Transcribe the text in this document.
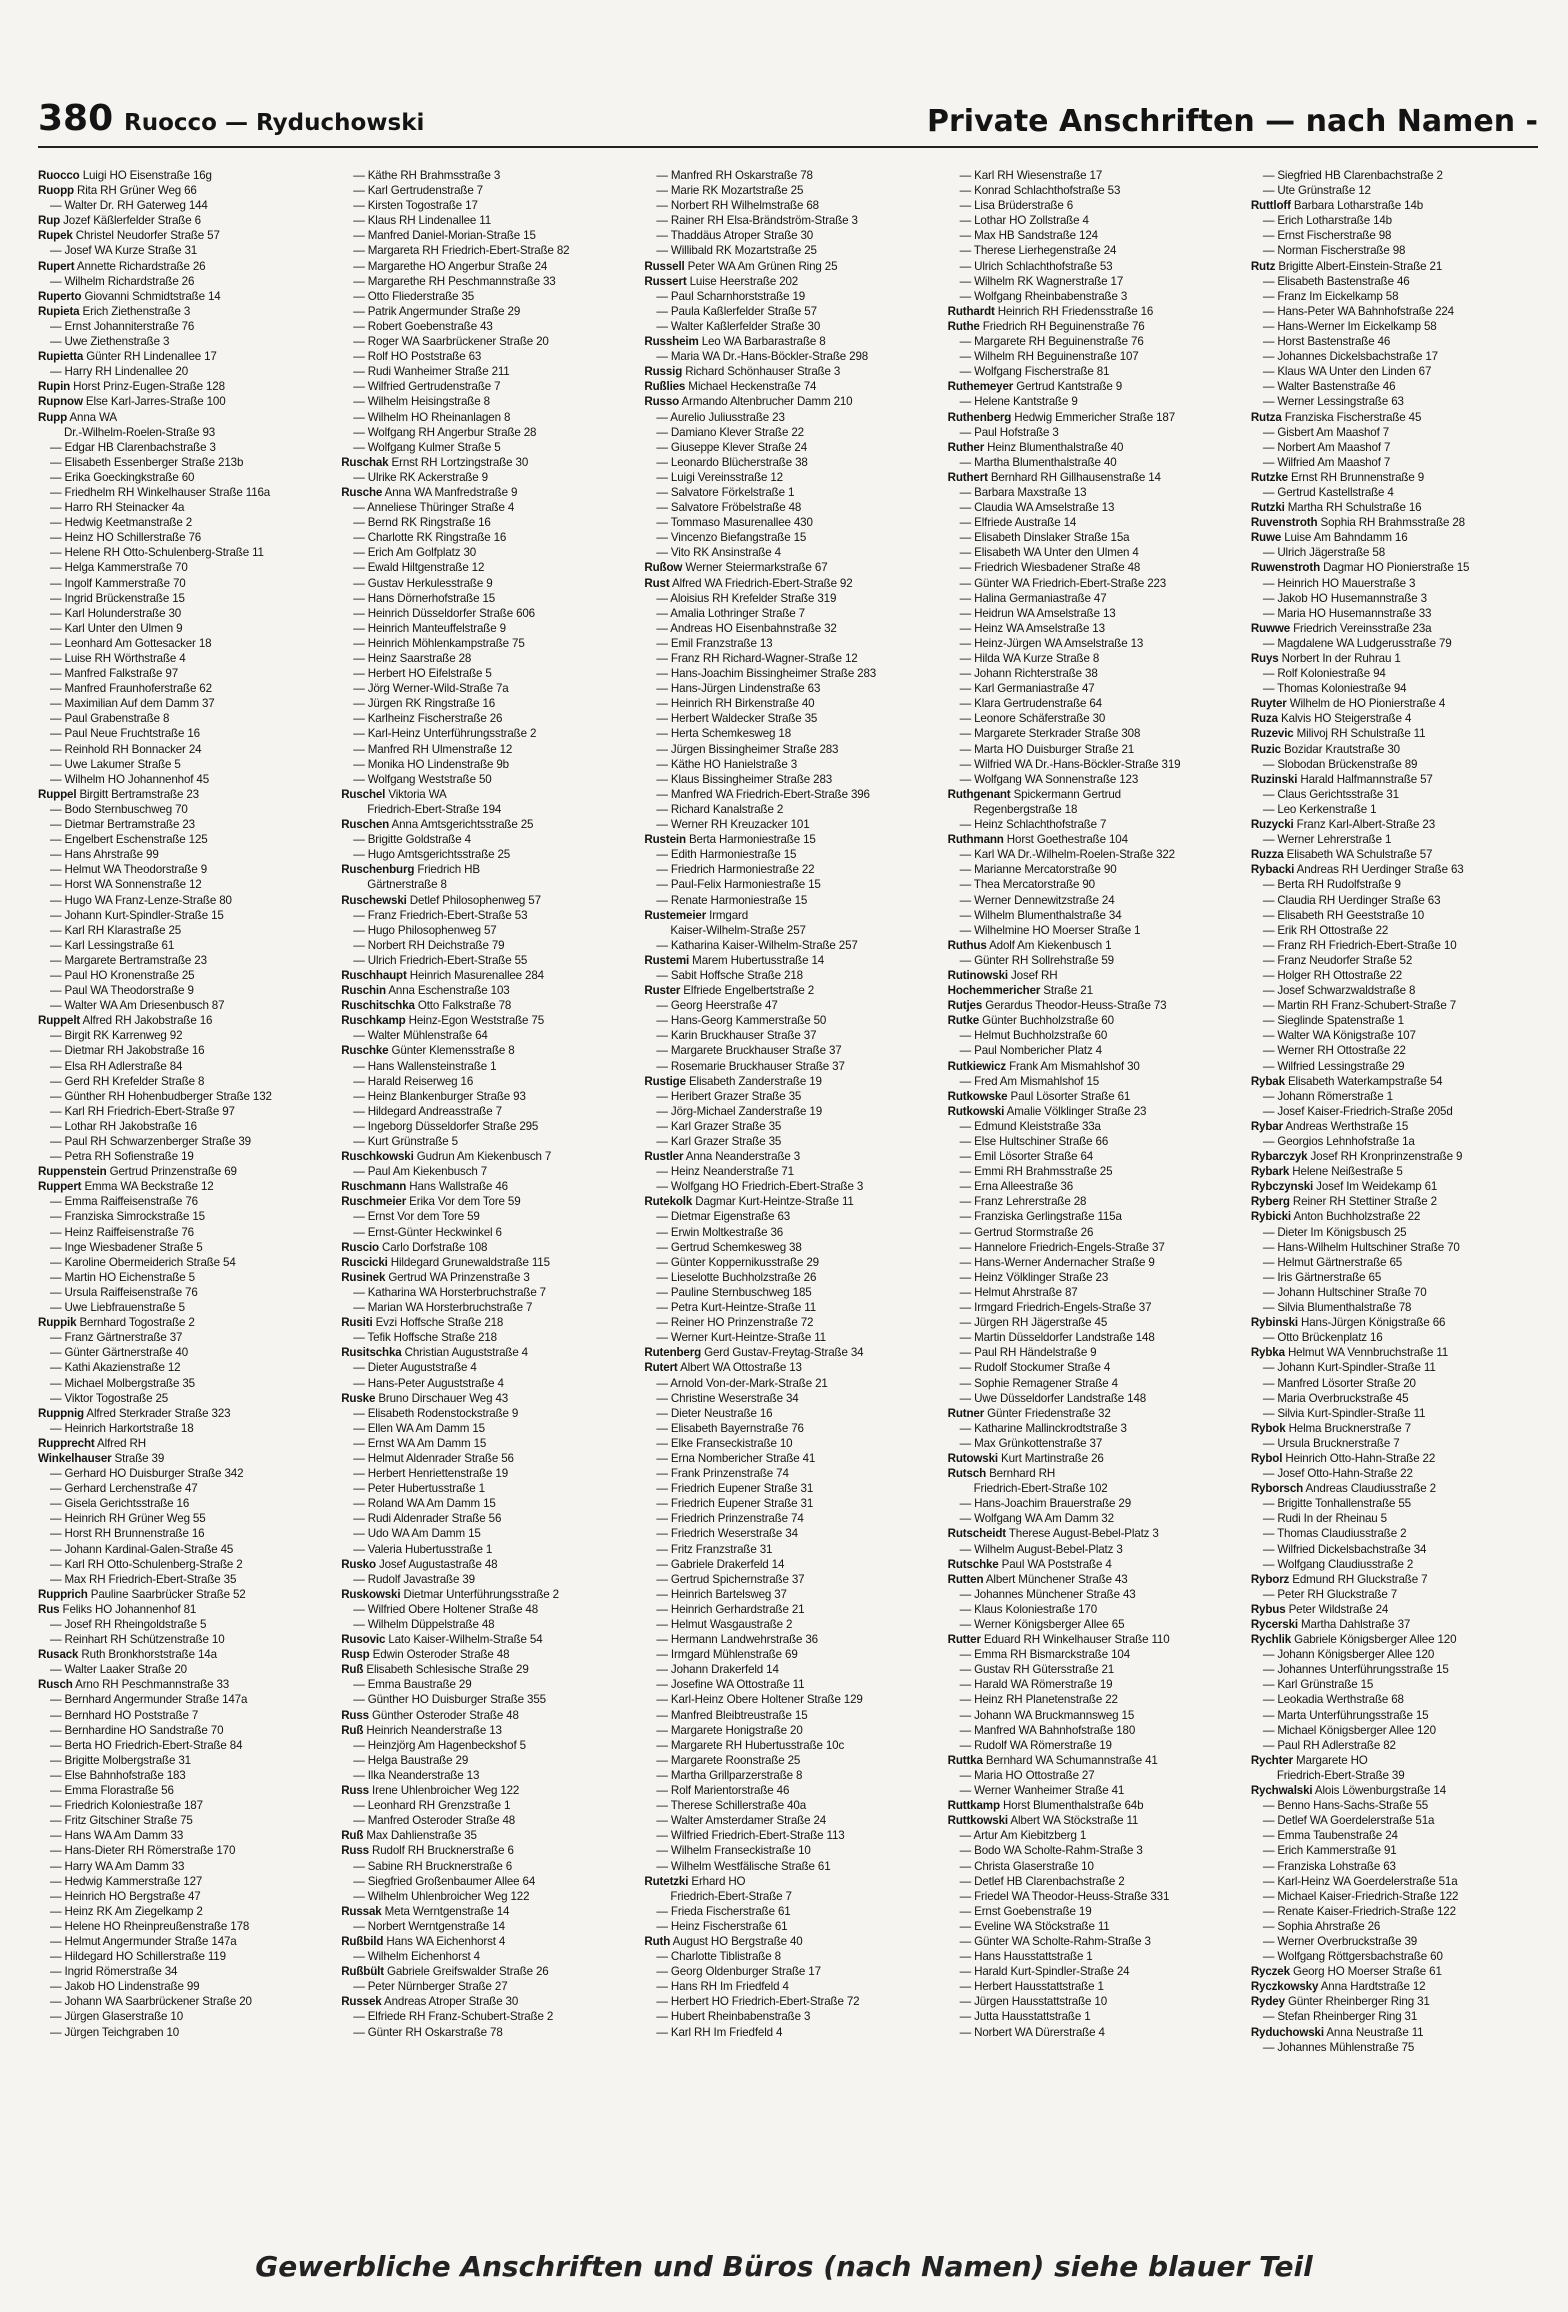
380 Ruocco — Ryduchowski	Private Anschriften — nach Namen -
Ruocco Luigi HO Eisenstraße 16g
Ruopp Rita RH Grüner Weg 66
— Walter Dr. RH Gaterweg 144
Rup Jozef Käßlerfelder Straße 6
Rupek Christel Neudorfer Straße 57
— Josef WA Kurze Straße 31
Rupert Annette Richardstraße 26
— Wilhelm Richardstraße 26
Ruperto Giovanni Schmidtstraße 14
Rupieta Erich Ziethenstraße 3
— Ernst Johanniterstraße 76
— Uwe Ziethenstraße 3
Rupietta Günter RH Lindenallee 17
— Harry RH Lindenallee 20
Rupin Horst Prinz-Eugen-Straße 128
Rupnow Else Karl-Jarres-Straße 100
Rupp Anna WA
Dr.-Wilhelm-Roelen-Straße 93
— Edgar HB Clarenbachstraße 3
— Elisabeth Essenberger Straße 213b
— Erika Goeckingkstraße 60
— Friedhelm RH Winkelhauser Straße 116a
— Harro RH Steinacker 4a
— Hedwig Keetmanstraße 2
— Heinz HO Schillerstraße 76
— Helene RH Otto-Schulenberg-Straße 11
— Helga Kammerstraße 70
— Ingolf Kammerstraße 70
— Ingrid Brückenstraße 15
— Karl Holunderstraße 30
— Karl Unter den Ulmen 9
— Leonhard Am Gottesacker 18
— Luise RH Wörthstraße 4
— Manfred Falkstraße 97
— Manfred Fraunhoferstraße 62
— Maximilian Auf dem Damm 37
— Paul Grabenstraße 8
— Paul Neue Fruchtstraße 16
— Reinhold RH Bonnacker 24
— Uwe Lakumer Straße 5
— Wilhelm HO Johannenhof 45
Ruppel Birgitt Bertramstraße 23
— Bodo Sternbuschweg 70
— Dietmar Bertramstraße 23
— Engelbert Eschenstraße 125
— Hans Ahrstraße 99
— Helmut WA Theodorstraße 9
— Horst WA Sonnenstraße 12
— Hugo WA Franz-Lenze-Straße 80
— Johann Kurt-Spindler-Straße 15
— Karl RH Klarastraße 25
— Karl Lessingstraße 61
— Margarete Bertramstraße 23
— Paul HO Kronenstraße 25
— Paul WA Theodorstraße 9
— Walter WA Am Driesenbusch 87
Ruppelt Alfred RH Jakobstraße 16
— Birgit RK Karrenweg 92
— Dietmar RH Jakobstraße 16
— Elsa RH Adlerstraße 84
— Gerd RH Krefelder Straße 8
— Günther RH Hohenbudberger Straße 132
— Karl RH Friedrich-Ebert-Straße 97
— Lothar RH Jakobstraße 16
— Paul RH Schwarzenberger Straße 39
— Petra RH Sofienstraße 19
Ruppenstein Gertrud Prinzenstraße 69
Ruppert Emma WA Beckstraße 12
— Emma Raiffeisenstraße 76
— Franziska Simrockstraße 15
— Heinz Raiffeisenstraße 76
— Inge Wiesbadener Straße 5
— Karoline Obermeiderich Straße 54
— Martin HO Eichenstraße 5
— Ursula Raiffeisenstraße 76
— Uwe Liebfrauenstraße 5
Ruppik Bernhard Togostraße 2
— Franz Gärtnerstraße 37
— Günter Gärtnerstraße 40
— Kathi Akazienstraße 12
— Michael Molbergstraße 35
— Viktor Togostraße 25
Ruppnig Alfred Sterkrader Straße 323
— Heinrich Harkortstraße 18
Rupprecht Alfred RH
Winkelhauser Straße 39
— Gerhard HO Duisburger Straße 342
— Gerhard Lerchenstraße 47
— Gisela Gerichtsstraße 16
— Heinrich RH Grüner Weg 55
— Horst RH Brunnenstraße 16
— Johann Kardinal-Galen-Straße 45
— Karl RH Otto-Schulenberg-Straße 2
— Max RH Friedrich-Ebert-Straße 35
Rupprich Pauline Saarbrücker Straße 52
Rus Feliks HO Johannenhof 81
— Josef RH Rheingoldstraße 5
— Reinhart RH Schützenstraße 10
Rusack Ruth Bronkhorststraße 14a
— Walter Laaker Straße 20
Rusch Arno RH Peschmannstraße 33
— Bernhard Angermunder Straße 147a
— Bernhard HO Poststraße 7
— Bernhardine HO Sandstraße 70
— Berta HO Friedrich-Ebert-Straße 84
— Brigitte Molbergstraße 31
— Else Bahnhofstraße 183
— Emma Florastraße 56
— Friedrich Koloniestraße 187
— Fritz Gitschiner Straße 75
— Hans WA Am Damm 33
— Hans-Dieter RH Römerstraße 170
— Harry WA Am Damm 33
— Hedwig Kammerstraße 127
— Heinrich HO Bergstraße 47
— Heinz RK Am Ziegelkamp 2
— Helene HO Rheinpreußenstraße 178
— Helmut Angermunder Straße 147a
— Hildegard HO Schillerstraße 119
— Ingrid Römerstraße 34
— Jakob HO Lindenstraße 99
— Johann WA Saarbrückener Straße 20
— Jürgen Glaserstraße 10
— Jürgen Teichgraben 10
— Käthe RH Brahmsstraße 3
— Karl Gertrudenstraße 7
— Kirsten Togostraße 17
— Klaus RH Lindenallee 11
— Manfred Daniel-Morian-Straße 15
— Margareta RH Friedrich-Ebert-Straße 82
— Margarethe HO Angerbur Straße 24
— Margarethe RH Peschmannstraße 33
— Otto Fliederstraße 35
— Patrik Angermunder Straße 29
— Robert Goebenstraße 43
— Roger WA Saarbrückener Straße 20
— Rolf HO Poststraße 63
— Rudi Wanheimer Straße 211
— Wilfried Gertrudenstraße 7
— Wilhelm Heisingstraße 8
— Wilhelm HO Rheinanlagen 8
— Wolfgang RH Angerbur Straße 28
— Wolfgang Kulmer Straße 5
Ruschak Ernst RH Lortzingstraße 30
— Ulrike RK Ackerstraße 9
Rusche Anna WA Manfredstraße 9
— Anneliese Thüringer Straße 4
— Bernd RK Ringstraße 16
— Charlotte RK Ringstraße 16
— Erich Am Golfplatz 30
— Ewald Hiltgenstraße 12
— Gustav Herkulesstraße 9
— Hans Dörnerhofstraße 15
— Heinrich Düsseldorfer Straße 606
— Heinrich Manteuffelstraße 9
— Heinrich Möhlenkampstraße 75
— Heinz Saarstraße 28
— Herbert HO Eifelstraße 5
— Jörg Werner-Wild-Straße 7a
— Jürgen RK Ringstraße 16
— Karlheinz Fischerstraße 26
— Karl-Heinz Unterführungsstraße 2
— Manfred RH Ulmenstraße 12
— Monika HO Lindenstraße 9b
— Wolfgang Weststraße 50
Ruschel Viktoria WA
Friedrich-Ebert-Straße 194
Ruschen Anna Amtsgerichtsstraße 25
— Brigitte Goldstraße 4
— Hugo Amtsgerichtsstraße 25
Ruschenburg Friedrich HB
Gärtnerstraße 8
Ruschewski Detlef Philosophenweg 57
— Franz Friedrich-Ebert-Straße 53
— Hugo Philosophenweg 57
— Norbert RH Deichstraße 79
— Ulrich Friedrich-Ebert-Straße 55
Ruschhaupt Heinrich Masurenallee 284
Ruschin Anna Eschenstraße 103
Ruschitschka Otto Falkstraße 78
Ruschkamp Heinz-Egon Weststraße 75
— Walter Mühlenstraße 64
Ruschke Günter Klemensstraße 8
— Hans Wallensteinstraße 1
— Harald Reiserweg 16
— Heinz Blankenburger Straße 93
— Hildegard Andreasstraße 7
— Ingeborg Düsseldorfer Straße 295
— Kurt Grünstraße 5
Ruschkowski Gudrun Am Kiekenbusch 7
— Paul Am Kiekenbusch 7
Ruschmann Hans Wallstraße 46
Ruschmeier Erika Vor dem Tore 59
— Ernst Vor dem Tore 59
— Ernst-Günter Heckwinkel 6
Ruscio Carlo Dorfstraße 108
Ruscicki Hildegard Grunewaldstraße 115
Rusinek Gertrud WA Prinzenstraße 3
— Katharina WA Horsterbruchstraße 7
— Marian WA Horsterbruchstraße 7
Rusiti Evzi Hoffsche Straße 218
— Tefik Hoffsche Straße 218
Rusitschka Christian Auguststraße 4
— Dieter Auguststraße 4
— Hans-Peter Auguststraße 4
Ruske Bruno Dirschauer Weg 43
— Elisabeth Rodenstockstraße 9
— Ellen WA Am Damm 15
— Ernst WA Am Damm 15
— Helmut Aldenrader Straße 56
— Herbert Henriettenstraße 19
— Peter Hubertusstraße 1
— Roland WA Am Damm 15
— Rudi Aldenrader Straße 56
— Udo WA Am Damm 15
— Valeria Hubertusstraße 1
Rusko Josef Augustastraße 48
— Rudolf Javastraße 39
Ruskowski Dietmar Unterführungsstraße 2
— Wilfried Obere Holtener Straße 48
— Wilhelm Düppelstraße 48
Rusovic Lato Kaiser-Wilhelm-Straße 54
Rusp Edwin Osteroder Straße 48
Ruß Elisabeth Schlesische Straße 29
— Emma Baustraße 29
— Günther HO Duisburger Straße 355
Russ Günther Osteroder Straße 48
Ruß Heinrich Neanderstraße 13
— Heinzjörg Am Hagenbeckshof 5
— Helga Baustraße 29
— Ilka Neanderstraße 13
Russ Irene Uhlenbroicher Weg 122
— Leonhard RH Grenzstraße 1
— Manfred Osteroder Straße 48
Ruß Max Dahlienstraße 35
Russ Rudolf RH Brucknerstraße 6
— Sabine RH Brucknerstraße 6
— Siegfried Großenbaumer Allee 64
— Wilhelm Uhlenbroicher Weg 122
Russak Meta Werntgenstraße 14
— Norbert Werntgenstraße 14
Rußbild Hans WA Eichenhorst 4
— Wilhelm Eichenhorst 4
Rußbült Gabriele Greifswalder Straße 26
— Peter Nürnberger Straße 27
Russek Andreas Atroper Straße 30
— Elfriede RH Franz-Schubert-Straße 2
— Günter RH Oskarstraße 78
— Manfred RH Oskarstraße 78
— Marie RK Mozartstraße 25
— Norbert RH Wilhelmstraße 68
— Rainer RH Elsa-Brändström-Straße 3
— Thaddäus Atroper Straße 30
— Willibald RK Mozartstraße 25
Russell Peter WA Am Grünen Ring 25
Russert Luise Heerstraße 202
— Paul Scharnhorststraße 19
— Paula Kaßlerfelder Straße 57
— Walter Kaßlerfelder Straße 30
Russheim Leo WA Barbarastraße 8
— Maria WA Dr.-Hans-Böckler-Straße 298
Russig Richard Schönhauser Straße 3
Rußlies Michael Heckenstraße 74
Russo Armando Altenbrucher Damm 210
— Aurelio Juliusstraße 23
— Damiano Klever Straße 22
— Giuseppe Klever Straße 24
— Leonardo Blücherstraße 38
— Luigi Vereinsstraße 12
— Salvatore Förkelstraße 1
— Salvatore Fröbelstraße 48
— Tommaso Masurenallee 430
— Vincenzo Biefangstraße 15
— Vito RK Ansinstraße 4
Rußow Werner Steiermarkstraße 67
Rust Alfred WA Friedrich-Ebert-Straße 92
— Aloisius RH Krefelder Straße 319
— Amalia Lothringer Straße 7
— Andreas HO Eisenbahnstraße 32
— Emil Franzstraße 13
— Franz RH Richard-Wagner-Straße 12
— Hans-Joachim Bissingheimer Straße 283
— Hans-Jürgen Lindenstraße 63
— Heinrich RH Birkenstraße 40
— Herbert Waldecker Straße 35
— Herta Schemkesweg 18
— Jürgen Bissingheimer Straße 283
— Käthe HO Hanielstraße 3
— Klaus Bissingheimer Straße 283
— Manfred WA Friedrich-Ebert-Straße 396
— Richard Kanalstraße 2
— Werner RH Kreuzacker 101
Rustein Berta Harmoniestraße 15
— Edith Harmoniestraße 15
— Friedrich Harmoniestraße 22
— Paul-Felix Harmoniestraße 15
— Renate Harmoniestraße 15
Rustemeier Irmgard
Kaiser-Wilhelm-Straße 257
— Katharina Kaiser-Wilhelm-Straße 257
Rustemi Marem Hubertusstraße 14
— Sabit Hoffsche Straße 218
Ruster Elfriede Engelbertstraße 2
— Georg Heerstraße 47
— Hans-Georg Kammerstraße 50
— Karin Bruckhauser Straße 37
— Margarete Bruckhauser Straße 37
— Rosemarie Bruckhauser Straße 37
Rustige Elisabeth Zanderstraße 19
— Heribert Grazer Straße 35
— Jörg-Michael Zanderstraße 19
— Karl Grazer Straße 35
— Karl Grazer Straße 35
Rustler Anna Neanderstraße 3
— Heinz Neanderstraße 71
— Wolfgang HO Friedrich-Ebert-Straße 3
Rutekolk Dagmar Kurt-Heintze-Straße 11
— Dietmar Eigenstraße 63
— Erwin Moltkestraße 36
— Gertrud Schemkesweg 38
— Günter Koppernikusstraße 29
— Lieselotte Buchholzstraße 26
— Pauline Sternbuschweg 185
— Petra Kurt-Heintze-Straße 11
— Reiner HO Prinzenstraße 72
— Werner Kurt-Heintze-Straße 11
Rutenberg Gerd Gustav-Freytag-Straße 34
Rutert Albert WA Ottostraße 13
— Arnold Von-der-Mark-Straße 21
— Christine Weserstraße 34
— Dieter Neustraße 16
— Elisabeth Bayernstraße 76
— Elke Franseckistraße 10
— Erna Nombericher Straße 41
— Frank Prinzenstraße 74
— Friedrich Eupener Straße 31
— Friedrich Eupener Straße 31
— Friedrich Prinzenstraße 74
— Friedrich Weserstraße 34
— Fritz Franzstraße 31
— Gabriele Drakerfeld 14
— Gertrud Spichernstraße 37
— Heinrich Bartelsweg 37
— Heinrich Gerhardstraße 21
— Helmut Wasgaustraße 2
— Hermann Landwehrstraße 36
— Irmgard Mühlenstraße 69
— Johann Drakerfeld 14
— Josefine WA Ottostraße 11
— Karl-Heinz Obere Holtener Straße 129
— Manfred Bleibtreustraße 15
— Margarete Honigstraße 20
— Margarete RH Hubertusstraße 10c
— Margarete Roonstraße 25
— Martha Grillparzerstraße 8
— Rolf Marientorstraße 46
— Therese Schillerstraße 40a
— Walter Amsterdamer Straße 24
— Wilfried Friedrich-Ebert-Straße 113
— Wilhelm Franseckistraße 10
— Wilhelm Westfälische Straße 61
Rutetzki Erhard HO
Friedrich-Ebert-Straße 7
— Frieda Fischerstraße 61
— Heinz Fischerstraße 61
Ruth August HO Bergstraße 40
— Charlotte Tiblistraße 8
— Georg Oldenburger Straße 17
— Hans RH Im Friedfeld 4
— Herbert HO Friedrich-Ebert-Straße 72
— Hubert Rheinbabenstraße 3
— Karl RH Im Friedfeld 4
— Karl RH Wiesenstraße 17
— Konrad Schlachthofstraße 53
— Lisa Brüderstraße 6
— Lothar HO Zollstraße 4
— Max HB Sandstraße 124
— Therese Lierhegenstraße 24
— Ulrich Schlachthofstraße 53
— Wilhelm RK Wagnerstraße 17
— Wolfgang Rheinbabenstraße 3
Ruthardt Heinrich RH Friedensstraße 16
Ruthe Friedrich RH Beguinenstraße 76
— Margarete RH Beguinenstraße 76
— Wilhelm RH Beguinenstraße 107
— Wolfgang Fischerstraße 81
Ruthemeyer Gertrud Kantstraße 9
— Helene Kantstraße 9
Ruthenberg Hedwig Emmericher Straße 187
— Paul Hofstraße 3
Ruther Heinz Blumenthalstraße 40
— Martha Blumenthalstraße 40
Ruthert Bernhard RH Gillhausenstraße 14
— Barbara Maxstraße 13
— Claudia WA Amselstraße 13
— Elfriede Austraße 14
— Elisabeth Dinslaker Straße 15a
— Elisabeth WA Unter den Ulmen 4
— Friedrich Wiesbadener Straße 48
— Günter WA Friedrich-Ebert-Straße 223
— Halina Germaniastraße 47
— Heidrun WA Amselstraße 13
— Heinz WA Amselstraße 13
— Heinz-Jürgen WA Amselstraße 13
— Hilda WA Kurze Straße 8
— Johann Richterstraße 38
— Karl Germaniastraße 47
— Klara Gertrudenstraße 64
— Leonore Schäferstraße 30
— Margarete Sterkrader Straße 308
— Marta HO Duisburger Straße 21
— Wilfried WA Dr.-Hans-Böckler-Straße 319
— Wolfgang WA Sonnenstraße 123
Ruthgenant Spickermann Gertrud
Regenbergstraße 18
— Heinz Schlachthofstraße 7
Ruthmann Horst Goethestraße 104
— Karl WA Dr.-Wilhelm-Roelen-Straße 322
— Marianne Mercatorstraße 90
— Thea Mercatorstraße 90
— Werner Dennewitzstraße 24
— Wilhelm Blumenthalstraße 34
— Wilhelmine HO Moerser Straße 1
Ruthus Adolf Am Kiekenbusch 1
— Günter RH Sollrehstraße 59
Rutinowski Josef RH
Hochemmericher Straße 21
Rutjes Gerardus Theodor-Heuss-Straße 73
Rutke Günter Buchholzstraße 60
— Helmut Buchholzstraße 60
— Paul Nombericher Platz 4
Rutkiewicz Frank Am Mismahlshof 30
— Fred Am Mismahlshof 15
Rutkowske Paul Lösorter Straße 61
Rutkowski Amalie Völklinger Straße 23
— Edmund Kleiststraße 33a
— Else Hultschiner Straße 66
— Emil Lösorter Straße 64
— Emmi RH Brahmsstraße 25
— Erna Alleestraße 36
— Franz Lehrerstraße 28
— Franziska Gerlingstraße 115a
— Gertrud Stormstraße 26
— Hannelore Friedrich-Engels-Straße 37
— Hans-Werner Andernacher Straße 9
— Heinz Völklinger Straße 23
— Helmut Ahrstraße 87
— Irmgard Friedrich-Engels-Straße 37
— Jürgen RH Jägerstraße 45
— Martin Düsseldorfer Landstraße 148
— Paul RH Händelstraße 9
— Rudolf Stockumer Straße 4
— Sophie Remagener Straße 4
— Uwe Düsseldorfer Landstraße 148
Rutner Günter Friedenstraße 32
— Katharine Mallinckrodtstraße 3
— Max Grünkottenstraße 37
Rutowski Kurt Martinstraße 26
Rutsch Bernhard RH
Friedrich-Ebert-Straße 102
— Hans-Joachim Brauerstraße 29
— Wolfgang WA Am Damm 32
Rutscheidt Therese August-Bebel-Platz 3
— Wilhelm August-Bebel-Platz 3
Rutschke Paul WA Poststraße 4
Rutten Albert Münchener Straße 43
— Johannes Münchener Straße 43
— Klaus Koloniestraße 170
— Werner Königsberger Allee 65
Rutter Eduard RH Winkelhauser Straße 110
— Emma RH Bismarckstraße 104
— Gustav RH Gütersstraße 21
— Harald WA Römerstraße 19
— Heinz RH Planetenstraße 22
— Johann WA Bruckmannsweg 15
— Manfred WA Bahnhofstraße 180
— Rudolf WA Römerstraße 19
Ruttka Bernhard WA Schumannstraße 41
— Maria HO Ottostraße 27
— Werner Wanheimer Straße 41
Ruttkamp Horst Blumenthalstraße 64b
Ruttkowski Albert WA Stöckstraße 11
— Artur Am Kiebitzberg 1
— Bodo WA Scholte-Rahm-Straße 3
— Christa Glaserstraße 10
— Detlef HB Clarenbachstraße 2
— Friedel WA Theodor-Heuss-Straße 331
— Ernst Goebenstraße 19
— Eveline WA Stöckstraße 11
— Günter WA Scholte-Rahm-Straße 3
— Hans Hausstattstraße 1
— Harald Kurt-Spindler-Straße 24
— Herbert Hausstattstraße 1
— Jürgen Hausstattstraße 10
— Jutta Hausstattstraße 1
— Norbert WA Dürerstraße 4
— Siegfried HB Clarenbachstraße 2
— Ute Grünstraße 12
Ruttloff Barbara Lotharstraße 14b
— Erich Lotharstraße 14b
— Ernst Fischerstraße 98
— Norman Fischerstraße 98
Rutz Brigitte Albert-Einstein-Straße 21
— Elisabeth Bastenstraße 46
— Franz Im Eickelkamp 58
— Hans-Peter WA Bahnhofstraße 224
— Hans-Werner Im Eickelkamp 58
— Horst Bastenstraße 46
— Johannes Dickelsbachstraße 17
— Klaus WA Unter den Linden 67
— Walter Bastenstraße 46
— Werner Lessingstraße 63
Rutza Franziska Fischerstraße 45
— Gisbert Am Maashof 7
— Norbert Am Maashof 7
— Wilfried Am Maashof 7
Rutzke Ernst RH Brunnenstraße 9
— Gertrud Kastellstraße 4
Rutzki Martha RH Schulstraße 16
Ruvenstroth Sophia RH Brahmsstraße 28
Ruwe Luise Am Bahndamm 16
— Ulrich Jägerstraße 58
Ruwenstroth Dagmar HO Pionierstraße 15
— Heinrich HO Mauerstraße 3
— Jakob HO Husemannstraße 3
— Maria HO Husemannstraße 33
Ruwwe Friedrich Vereinsstraße 23a
— Magdalene WA Ludgerusstraße 79
Ruys Norbert In der Ruhrau 1
— Rolf Koloniestraße 94
— Thomas Koloniestraße 94
Ruyter Wilhelm de HO Pionierstraße 4
Ruza Kalvis HO Steigerstraße 4
Ruzevic Milivoj RH Schulstraße 11
Ruzic Bozidar Krautstraße 30
— Slobodan Brückenstraße 89
Ruzinski Harald Halfmannstraße 57
— Claus Gerichtsstraße 31
— Leo Kerkenstraße 1
Ruzycki Franz Karl-Albert-Straße 23
— Werner Lehrerstraße 1
Ruzza Elisabeth WA Schulstraße 57
Rybacki Andreas RH Uerdinger Straße 63
— Berta RH Rudolfstraße 9
— Claudia RH Uerdinger Straße 63
— Elisabeth RH Geeststraße 10
— Erik RH Ottostraße 22
— Franz RH Friedrich-Ebert-Straße 10
— Franz Neudorfer Straße 52
— Holger RH Ottostraße 22
— Josef Schwarzwaldstraße 8
— Martin RH Franz-Schubert-Straße 7
— Sieglinde Spatenstraße 1
— Walter WA Königstraße 107
— Werner RH Ottostraße 22
— Wilfried Lessingstraße 29
Rybak Elisabeth Waterkampstraße 54
— Johann Römerstraße 1
— Josef Kaiser-Friedrich-Straße 205d
Rybar Andreas Werthstraße 15
— Georgios Lehnhofstraße 1a
Rybarczyk Josef RH Kronprinzenstraße 9
Rybark Helene Neißestraße 5
Rybczynski Josef Im Weidekamp 61
Ryberg Reiner RH Stettiner Straße 2
Rybicki Anton Buchholzstraße 22
— Dieter Im Königsbusch 25
— Hans-Wilhelm Hultschiner Straße 70
— Helmut Gärtnerstraße 65
— Iris Gärtnerstraße 65
— Johann Hultschiner Straße 70
— Silvia Blumenthalstraße 78
Rybinski Hans-Jürgen Königstraße 66
— Otto Brückenplatz 16
Rybka Helmut WA Vennbruchstraße 11
— Johann Kurt-Spindler-Straße 11
— Manfred Lösorter Straße 20
— Maria Overbruckstraße 45
— Silvia Kurt-Spindler-Straße 11
Rybok Helma Brucknerstraße 7
— Ursula Brucknerstraße 7
Rybol Heinrich Otto-Hahn-Straße 22
— Josef Otto-Hahn-Straße 22
Ryborsch Andreas Claudiusstraße 2
— Brigitte Tonhallenstraße 55
— Rudi In der Rheinau 5
— Thomas Claudiusstraße 2
— Wilfried Dickelsbachstraße 34
— Wolfgang Claudiusstraße 2
Ryborz Edmund RH Gluckstraße 7
— Peter RH Gluckstraße 7
Rybus Peter Wildstraße 24
Rycerski Martha Dahlstraße 37
Rychlik Gabriele Königsberger Allee 120
— Johann Königsberger Allee 120
— Johannes Unterführungsstraße 15
— Karl Grünstraße 15
— Leokadia Werthstraße 68
— Marta Unterführungsstraße 15
— Michael Königsberger Allee 120
— Paul RH Adlerstraße 82
Rychter Margarete HO
Friedrich-Ebert-Straße 39
Rychwalski Alois Löwenburgstraße 14
— Benno Hans-Sachs-Straße 55
— Detlef WA Goerdelerstraße 51a
— Emma Taubenstraße 24
— Erich Kammerstraße 91
— Franziska Lohstraße 63
— Karl-Heinz WA Goerdelerstraße 51a
— Michael Kaiser-Friedrich-Straße 122
— Renate Kaiser-Friedrich-Straße 122
— Sophia Ahrstraße 26
— Werner Overbruckstraße 39
— Wolfgang Röttgersbachstraße 60
Ryczek Georg HO Moerser Straße 61
Ryczkowsky Anna Hardtstraße 12
Rydey Günter Rheinberger Ring 31
— Stefan Rheinberger Ring 31
Ryduchowski Anna Neustraße 11
— Johannes Mühlenstraße 75
Gewerbliche Anschriften und Büros (nach Namen) siehe blauer Teil
